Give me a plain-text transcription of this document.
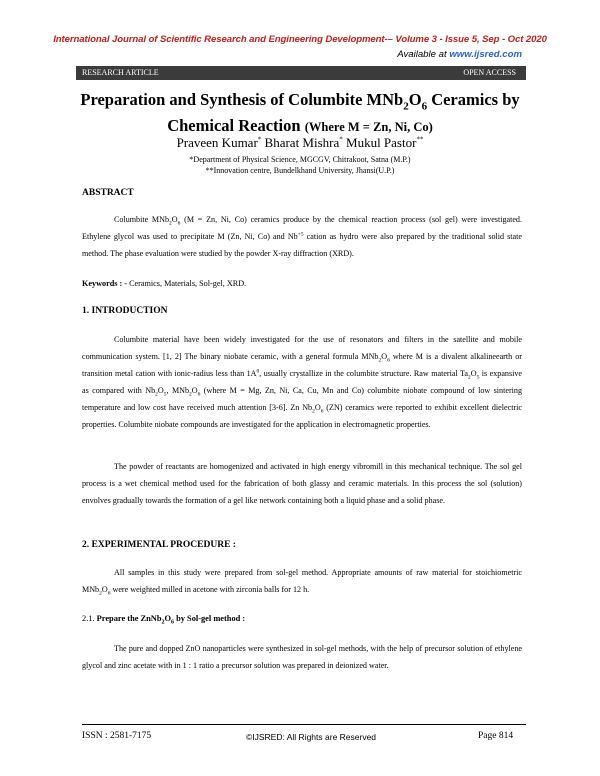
International Journal of Scientific Research and Engineering Development-– Volume 3 - Issue 5, Sep - Oct 2020
Available at www.ijsred.com
RESEARCH ARTICLE	OPEN ACCESS
Preparation and Synthesis of Columbite $MNb_2O_6$ Ceramics by
Chemical Reaction (Where M = Zn, Ni, Co)
Praveen Kumar* Bharat Mishra* Mukul Pastor**
*Department of Physical Science, MGCGV, Chitrakoot, Satna (M.P.)
**Innovation centre, Bundelkhand University, Jhansi(U.P.)
ABSTRACT
Columbite $MNb_2O_6$ (M = Zn, Ni, Co) ceramics produce by the chemical reaction process (sol gel) were investigated. Ethylene glycol was used to precipitate M (Zn, Ni, Co) and $Nb^{+5}$ cation as hydro were also prepared by the traditional solid state method. The phase evaluation were studied by the powder X-ray diffraction (XRD).
Keywords : - Ceramics, Materials, Sol-gel, XRD.
1. INTRODUCTION
Columbite material have been widely investigated for the use of resonators and filters in the satellite and mobile communication system. [1, 2] The binary niobate ceramic, with a general formula $MNb_2O_6$ where M is a divalent alkalineearth or transition metal cation with ionic-radius less than $1A^0$, usually crystallize in the columbite structure. Raw material $Ta_2O_5$ is expansive as compared with $Nb_2O_5$, $MNb_2O_6$ (where M = Mg, Zn, Ni, Ca, Cu, Mn and Co) columbite niobate compound of low sintering temperature and low cost have received much attention [3-6]. Zn $Nb_2O_6$ (ZN) ceramics were reported to exhibit excellent dielectric properties. Columbite niobate compounds are investigated for the application in electromagnetic properties.
The powder of reactants are homogenized and activated in high energy vibromill in this mechanical technique. The sol gel process is a wet chemical method used for the fabrication of both glassy and ceramic materials. In this process the sol (solution) envolves gradually towards the formation of a gel like network containing both a liquid phase and a solid phase.
2. EXPERIMENTAL PROCEDURE :
All samples in this study were prepared from sol-gel method. Appropriate amounts of raw material for stoichiometric $MNb_2O_6$ were weighted milled in acetone with zirconia balls for 12 h.
2.1. Prepare the $ZnNb_2O_6$ by Sol-gel method :
The pure and dopped ZnO nanoparticles were synthesized in sol-gel methods, with the help of precursor solution of ethylene glycol and zinc acetate with in 1 : 1 ratio a precursor solution was prepared in deionized water.
ISSN : 2581-7175	©IJSRED: All Rights are Reserved	Page 814
